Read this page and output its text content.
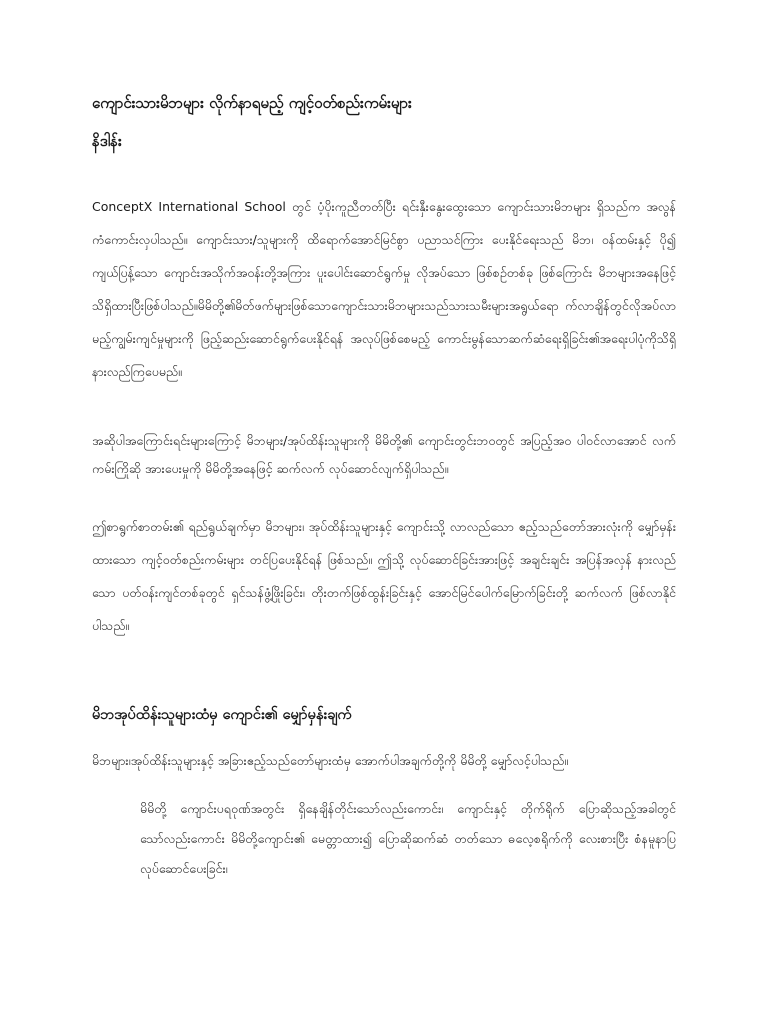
ကျောင်းသားမိဘများ လိုက်နာရမည့် ကျင့်ဝတ်စည်းကမ်းများ
နိဒါန်း

ConceptX International School တွင် ပံ့ပိုးကူညီတတ်ပြီး ရင်းနှီးနွေးထွေးသော ကျောင်းသားမိဘများ ရှိသည်က အလွန် ကံကောင်းလှပါသည်။ ကျောင်းသား/သူများကို ထိရောက်အောင်မြင်စွာ ပညာသင်ကြား ပေးနိုင်ရေးသည် မိဘ၊ ဝန်ထမ်းနှင့် ပို၍ ကျယ်ပြန့်သော ကျောင်းအသိုက်အဝန်းတို့အကြား ပူးပေါင်းဆောင်ရွက်မှု လိုအပ်သော ဖြစ်စဉ်တစ်ခု ဖြစ်ကြောင်း မိဘများအနေဖြင့် သိရှိထားပြီးဖြစ်ပါသည်။မိမိတို့၏မိတ်ဖက်များဖြစ်သောကျောင်းသားမိဘများသည်သားသမီးများအရွယ်ရော က်လာချိန်တွင်လိုအပ်လာမည့်ကျွမ်းကျင်မှုများကို ဖြည့်ဆည်းဆောင်ရွက်ပေးနိုင်ရန် အလုပ်ဖြစ်စေမည့် ကောင်းမွန်သောဆက်ဆံရေးရှိခြင်း၏အရေးပါပုံကိုသိရှိနားလည်ကြပေမည်။

အဆိုပါအကြောင်းရင်းများကြောင့် မိဘများ/အုပ်ထိန်းသူများကို မိမိတို့၏ ကျောင်းတွင်းဘဝတွင် အပြည့်အဝ ပါဝင်လာအောင် လက်ကမ်းကြိုဆို အားပေးမှုကို မိမိတို့အနေဖြင့် ဆက်လက် လုပ်ဆောင်လျက်ရှိပါသည်။

ဤစာရွက်စာတမ်း၏ ရည်ရွယ်ချက်မှာ မိဘများ၊ အုပ်ထိန်းသူများနှင့် ကျောင်းသို့ လာလည်သော ဧည့်သည်တော်အားလုံးကို မျှော်မှန်းထားသော ကျင့်ဝတ်စည်းကမ်းများ တင်ပြပေးနိုင်ရန် ဖြစ်သည်။ ဤသို့ လုပ်ဆောင်ခြင်းအားဖြင့် အချင်းချင်း အပြန်အလှန် နားလည်သော ပတ်ဝန်းကျင်တစ်ခုတွင် ရှင်သန်ဖွံ့ဖြိုးခြင်း၊ တိုးတက်ဖြစ်ထွန်းခြင်းနှင့် အောင်မြင်ပေါက်မြောက်ခြင်းတို့ ဆက်လက် ဖြစ်လာနိုင်ပါသည်။

မိဘအုပ်ထိန်းသူများထံမှ ကျောင်း၏ မျှော်မှန်းချက်

မိဘများ၊အုပ်ထိန်းသူများနှင့် အခြားဧည့်သည်တော်များထံမှ အောက်ပါအချက်တို့ကို မိမိတို့ မျှော်လင့်ပါသည်။

မိမိတို့ ကျောင်းပရဝုဏ်အတွင်း ရှိနေချိန်တိုင်းသော်လည်းကောင်း၊ ကျောင်းနှင့် တိုက်ရိုက် ပြောဆိုသည့်အခါတွင်သော်လည်းကောင်း မိမိတို့ကျောင်း၏ မေတ္တာထား၍ ပြောဆိုဆက်ဆံ တတ်သော ဓလေ့စရိုက်ကို လေးစားပြီး စံနမူနာပြ လုပ်ဆောင်ပေးခြင်း၊
